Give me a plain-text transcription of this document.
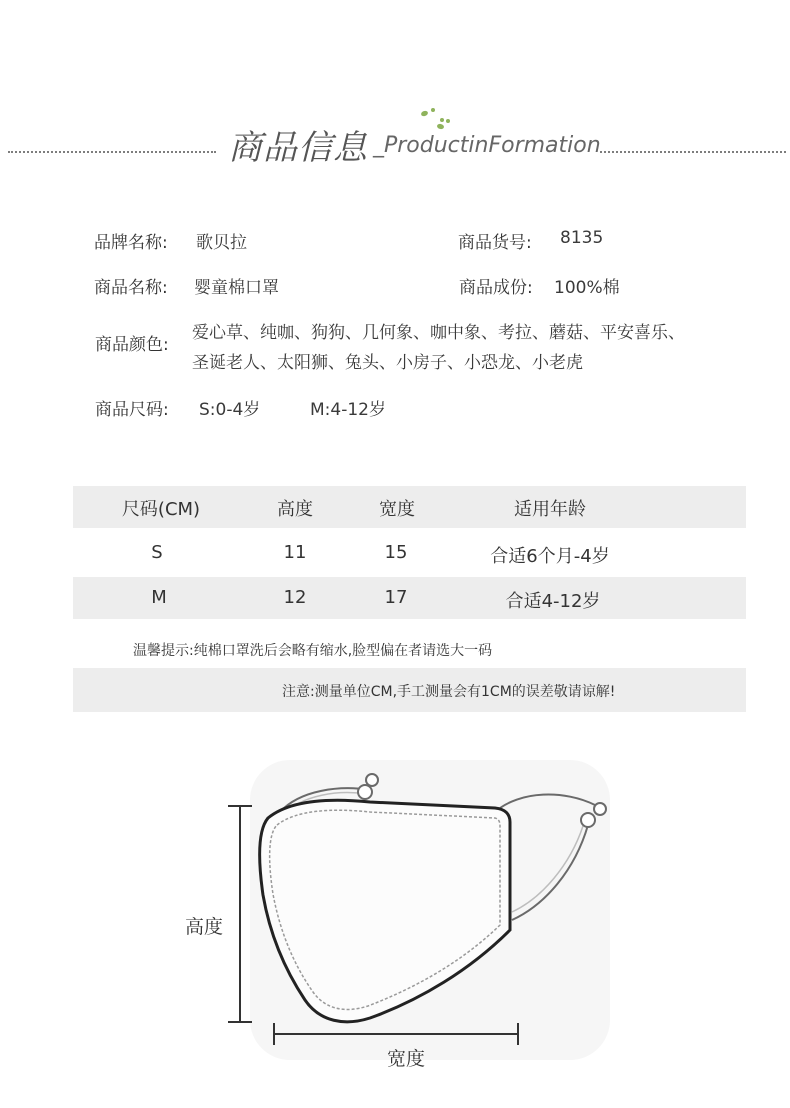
商品信息 _ProductinFormation
品牌名称: 歌贝拉	商品货号: 8135
商品名称: 婴童棉口罩	商品成份: 100%棉
商品颜色:
爱心草、纯咖、狗狗、几何象、咖中象、考拉、蘑菇、平安喜乐、
圣诞老人、太阳狮、兔头、小房子、小恐龙、小老虎
商品尺码: S:0-4岁	M:4-12岁
尺码(CM)	高度	宽度	适用年龄
S	11	15	合适6个月-4岁
M	12	17	合适4-12岁
温馨提示:纯棉口罩洗后会略有缩水,脸型偏在者请选大一码
注意:测量单位CM,手工测量会有1CM的误差敬请谅解!
高度
宽度
